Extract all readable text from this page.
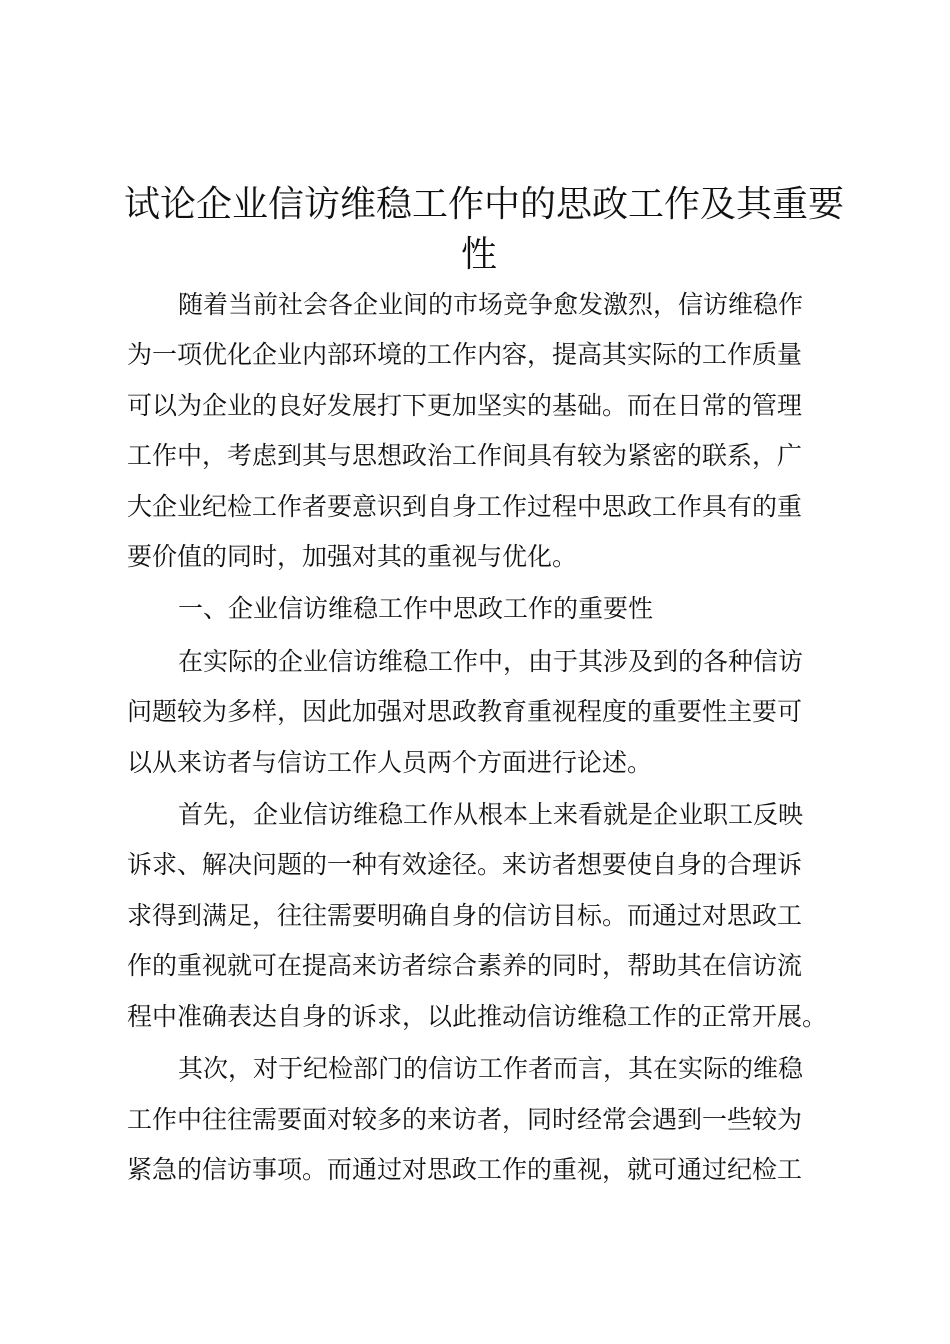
试论企业信访维稳工作中的思政工作及其重要
性

随着当前社会各企业间的市场竞争愈发激烈，信访维稳作
为一项优化企业内部环境的工作内容，提高其实际的工作质量
可以为企业的良好发展打下更加坚实的基础。而在日常的管理
工作中，考虑到其与思想政治工作间具有较为紧密的联系，广
大企业纪检工作者要意识到自身工作过程中思政工作具有的重
要价值的同时，加强对其的重视与优化。

一、企业信访维稳工作中思政工作的重要性

在实际的企业信访维稳工作中，由于其涉及到的各种信访
问题较为多样，因此加强对思政教育重视程度的重要性主要可
以从来访者与信访工作人员两个方面进行论述。

首先，企业信访维稳工作从根本上来看就是企业职工反映
诉求、解决问题的一种有效途径。来访者想要使自身的合理诉
求得到满足，往往需要明确自身的信访目标。而通过对思政工
作的重视就可在提高来访者综合素养的同时，帮助其在信访流
程中准确表达自身的诉求，以此推动信访维稳工作的正常开展。

其次，对于纪检部门的信访工作者而言，其在实际的维稳
工作中往往需要面对较多的来访者，同时经常会遇到一些较为
紧急的信访事项。而通过对思政工作的重视，就可通过纪检工
